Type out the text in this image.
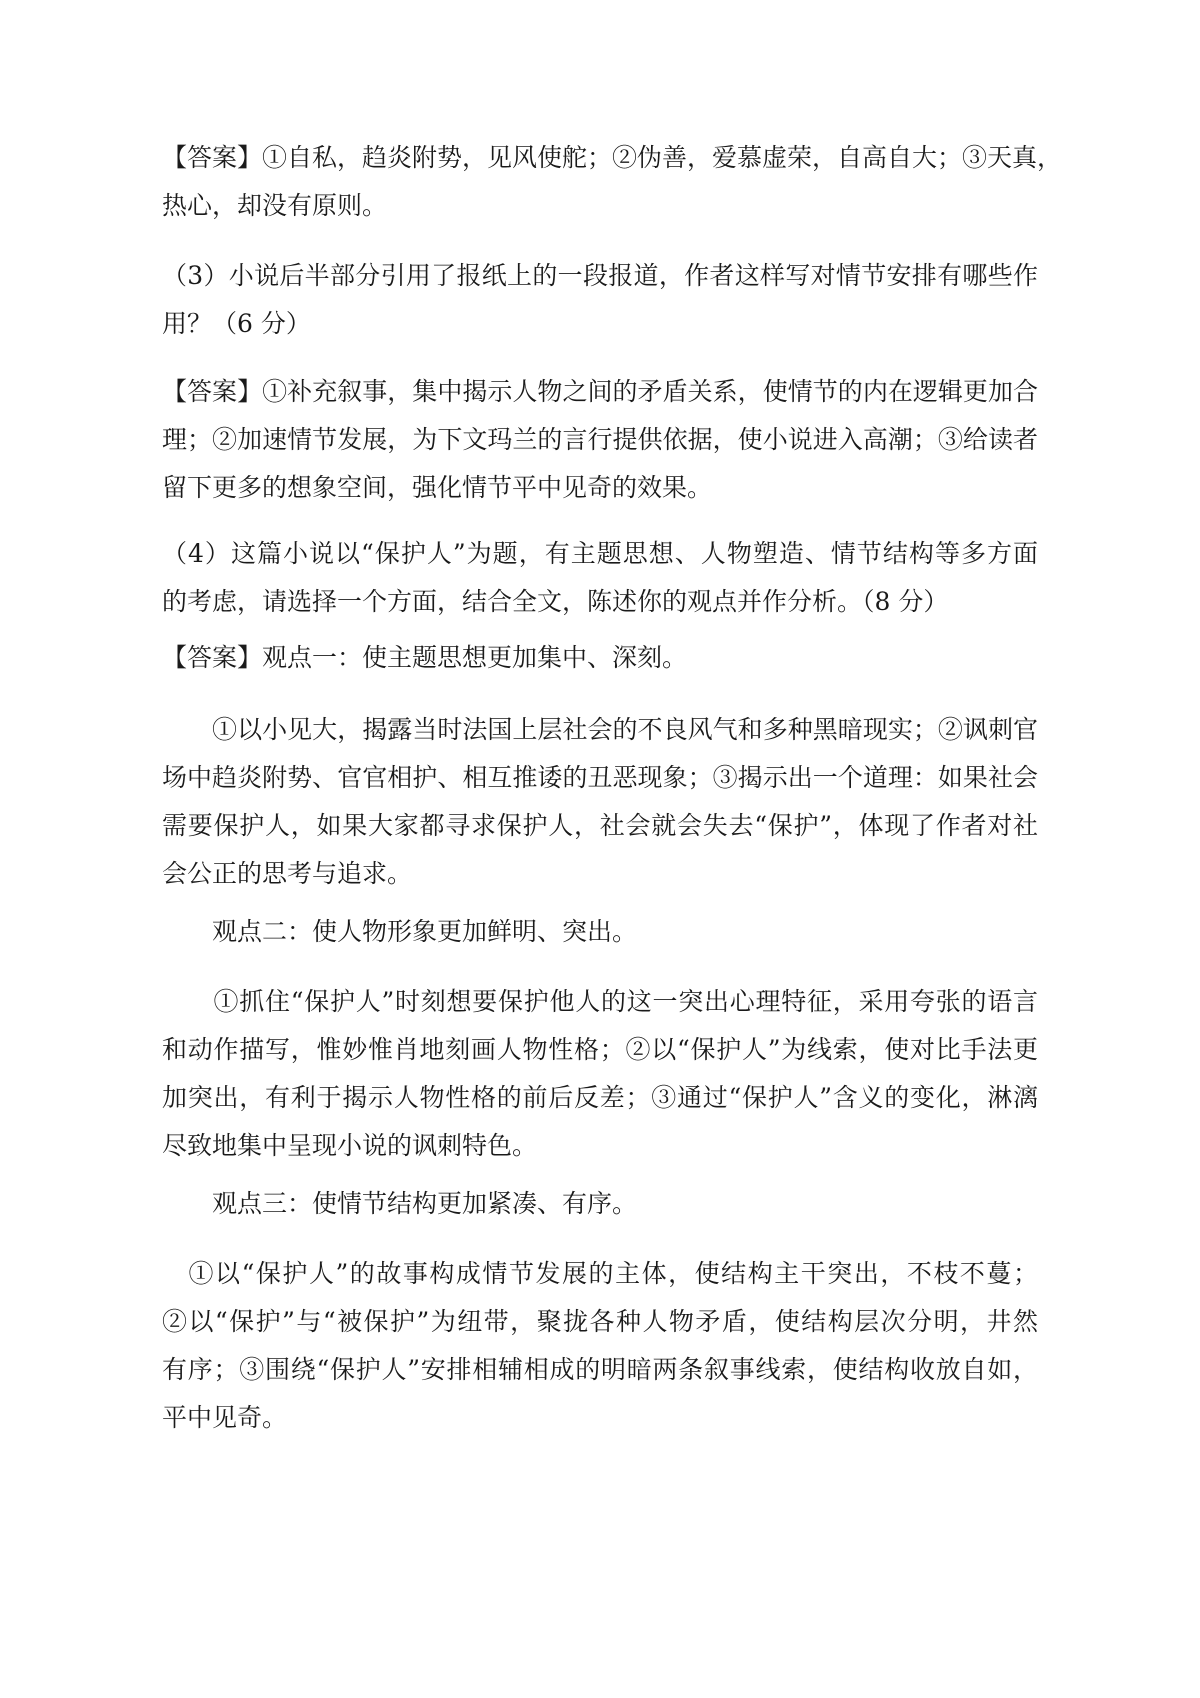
【答案】①自私，趋炎附势，见风使舵；②伪善，爱慕虚荣，自高自大；③天真，
热心，却没有原则。

（3）小说后半部分引用了报纸上的一段报道，作者这样写对情节安排有哪些作
用？（6 分）

【答案】①补充叙事，集中揭示人物之间的矛盾关系，使情节的内在逻辑更加合
理；②加速情节发展，为下文玛兰的言行提供依据，使小说进入高潮；③给读者
留下更多的想象空间，强化情节平中见奇的效果。

（4）这篇小说以“保护人”为题，有主题思想、人物塑造、情节结构等多方面
的考虑，请选择一个方面，结合全文，陈述你的观点并作分析。（8 分）

【答案】观点一：使主题思想更加集中、深刻。

　　①以小见大，揭露当时法国上层社会的不良风气和多种黑暗现实；②讽刺官
场中趋炎附势、官官相护、相互推诿的丑恶现象；③揭示出一个道理：如果社会
需要保护人，如果大家都寻求保护人，社会就会失去“保护”，体现了作者对社
会公正的思考与追求。

　　观点二：使人物形象更加鲜明、突出。

　　①抓住“保护人”时刻想要保护他人的这一突出心理特征，采用夸张的语言
和动作描写，惟妙惟肖地刻画人物性格；②以“保护人”为线索，使对比手法更
加突出，有利于揭示人物性格的前后反差；③通过“保护人”含义的变化，淋漓
尽致地集中呈现小说的讽刺特色。

　　观点三：使情节结构更加紧凑、有序。

　①以“保护人”的故事构成情节发展的主体，使结构主干突出，不枝不蔓；
②以“保护”与“被保护”为纽带，聚拢各种人物矛盾，使结构层次分明，井然
有序；③围绕“保护人”安排相辅相成的明暗两条叙事线索，使结构收放自如，
平中见奇。
